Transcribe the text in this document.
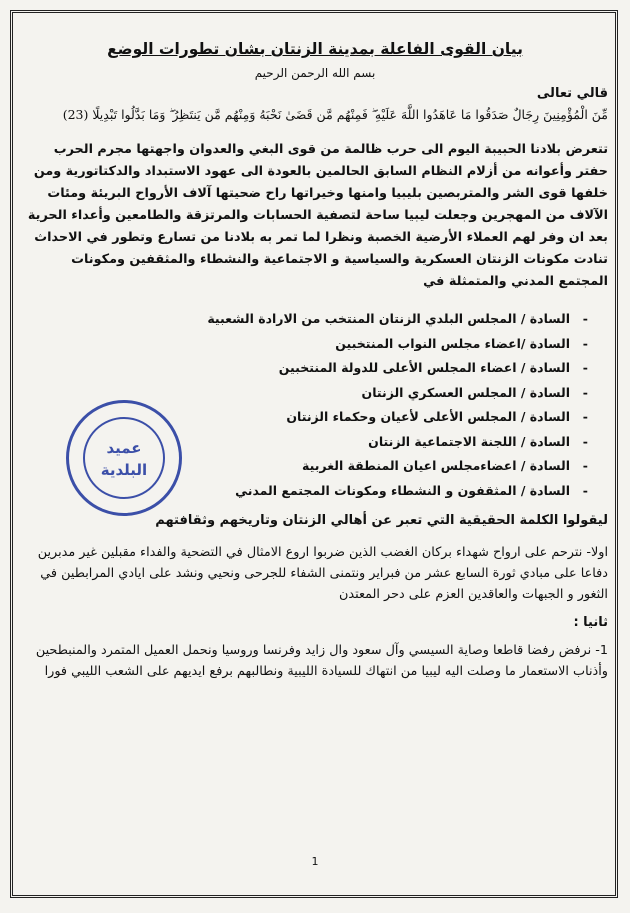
بيان القوى الفاعلة بمدينة الزنتان بشان تطورات الوضع

بسم الله الرحمن الرحيم
قالي تعالى

مِّنَ الْمُؤْمِنِينَ رِجَالٌ صَدَقُوا مَا عَاهَدُوا اللَّهَ عَلَيْهِ ۖ فَمِنْهُم مَّن قَضَىٰ نَحْبَهُ وَمِنْهُم مَّن يَنتَظِرُ ۖ وَمَا بَدَّلُوا تَبْدِيلًا (23)

تتعرض بلادنا الحبيبة اليوم الى حرب ظالمة من قوى البغي والعدوان واجهتها مجرم الحرب حفتر وأعوانه من أزلام النظام السابق الحالمين بالعودة الى عهود الاستبداد والدكتاتورية ومن خلفها قوى الشر والمتربصين بليبيا وامنها وخيراتها راح ضحيتها آلاف الأرواح البريئة ومئات الآلاف من المهجرين وجعلت ليبيا ساحة لتصفية الحسابات والمرتزقة والطامعين وأعداء الحرية بعد ان وفر لهم العملاء الأرضية الخصبة ونظرا لما تمر به بلادنا من تسارع وتطور في الاحداث تنادت مكونات الزنتان العسكرية والسياسية و الاجتماعية والنشطاء والمثقفين ومكونات المجتمع المدني والمتمثلة في

-السادة / المجلس البلدي الزنتان المنتخب من الارادة الشعبية
-السادة /اعضاء مجلس النواب المنتخبين
-السادة / اعضاء المجلس الأعلى للدولة المنتخبين
-السادة / المجلس العسكري الزنتان
-السادة / المجلس الأعلى لأعيان وحكماء الزنتان
-السادة / اللجنة الاجتماعية الزنتان
-السادة / اعضاءمجلس اعيان المنطقة الغربية
-السادة / المثقفون و النشطاء ومكونات المجتمع المدني
ليقولوا الكلمة الحقيقية التي تعبر عن أهالي الزنتان وتاريخهم وثقافتهم

اولا- نترحم على ارواح شهداء بركان الغضب الذين ضربوا اروع الامثال في التضحية والفداء مقبلين غير مدبرين دفاعا على مبادي ثورة السابع عشر من فبراير ونتمنى الشفاء للجرحى ونحيي ونشد على ايادي المرابطين في الثغور و الجبهات والعاقدين العزم على دحر المعتدن

ثانيا :

1- نرفض رفضا قاطعا وصاية السيسي وآل سعود وال زايد وفرنسا وروسيا ونحمل العميل المتمرد والمنبطحين وأذناب الاستعمار ما وصلت اليه ليبيا من انتهاك للسيادة الليبية ونطالبهم برفع ايديهم على الشعب الليبي فورا

عميد
البلدية
1
